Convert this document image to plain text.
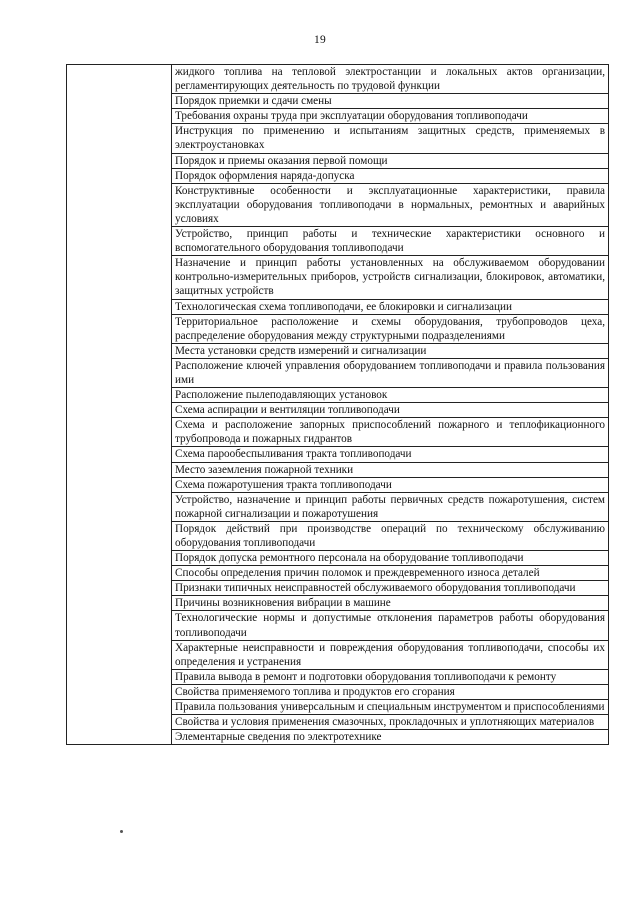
19
	жидкого топлива на тепловой электростанции и локальных актов организации, регламентирующих деятельность по трудовой функции
Порядок приемки и сдачи смены
Требования охраны труда при эксплуатации оборудования топливоподачи
Инструкция по применению и испытаниям защитных средств, применяемых в электроустановках
Порядок и приемы оказания первой помощи
Порядок оформления наряда-допуска
Конструктивные особенности и эксплуатационные характеристики, правила эксплуатации оборудования топливоподачи в нормальных, ремонтных и аварийных условиях
Устройство, принцип работы и технические характеристики основного и вспомогательного оборудования топливоподачи
Назначение и принцип работы установленных на обслуживаемом оборудовании контрольно-измерительных приборов, устройств сигнализации, блокировок, автоматики, защитных устройств
Технологическая схема топливоподачи, ее блокировки и сигнализации
Территориальное расположение и схемы оборудования, трубопроводов цеха, распределение оборудования между структурными подразделениями
Места установки средств измерений и сигнализации
Расположение ключей управления оборудованием топливоподачи и правила пользования ими
Расположение пылеподавляющих установок
Схема аспирации и вентиляции топливоподачи
Схема и расположение запорных приспособлений пожарного и теплофикационного трубопровода и пожарных гидрантов
Схема парообеспыливания тракта топливоподачи
Место заземления пожарной техники
Схема пожаротушения тракта топливоподачи
Устройство, назначение и принцип работы первичных средств пожаротушения, систем пожарной сигнализации и пожаротушения
Порядок действий при производстве операций по техническому обслуживанию оборудования топливоподачи
Порядок допуска ремонтного персонала на оборудование топливоподачи
Способы определения причин поломок и преждевременного износа деталей
Признаки типичных неисправностей обслуживаемого оборудования топливоподачи
Причины возникновения вибрации в машине
Технологические нормы и допустимые отклонения параметров работы оборудования топливоподачи
Характерные неисправности и повреждения оборудования топливоподачи, способы их определения и устранения
Правила вывода в ремонт и подготовки оборудования топливоподачи к ремонту
Свойства применяемого топлива и продуктов его сгорания
Правила пользования универсальным и специальным инструментом и приспособлениями
Свойства и условия применения смазочных, прокладочных и уплотняющих материалов
Элементарные сведения по электротехнике
